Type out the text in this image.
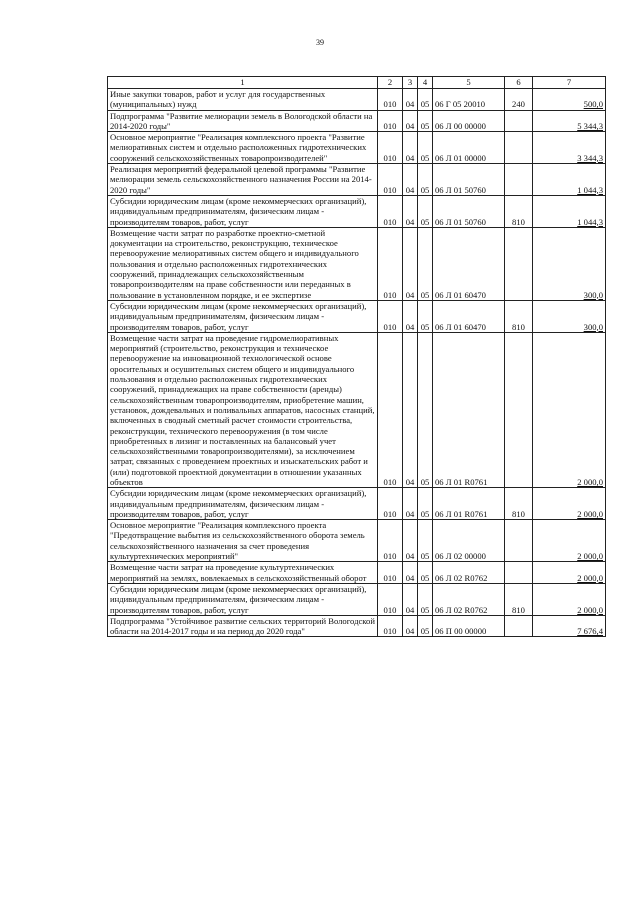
39
1	2	3	4	5	6	7
Иные закупки товаров, работ и услуг для государственных (муниципальных) нужд	010	04	05	06 Г 05 20010	240	500,0
Подпрограмма "Развитие мелиорации земель в Вологодской области на 2014-2020 годы"	010	04	05	06 Л 00 00000		5 344,3
Основное мероприятие "Реализация комплексного проекта "Развитие мелиоративных систем и отдельно расположенных гидротехнических сооружений сельскохозяйственных товаропроизводителей"	010	04	05	06 Л 01 00000		3 344,3
Реализация мероприятий федеральной целевой программы "Развитие мелиорации земель сельскохозяйственного назначения России на 2014-2020 годы"	010	04	05	06 Л 01 50760		1 044,3
Субсидии юридическим лицам (кроме некоммерческих организаций), индивидуальным предпринимателям, физическим лицам - производителям товаров, работ, услуг	010	04	05	06 Л 01 50760	810	1 044,3
Возмещение части затрат по разработке проектно-сметной документации на строительство, реконструкцию, техническое перевооружение мелиоративных систем общего и индивидуального пользования и отдельно расположенных гидротехнических сооружений, принадлежащих сельскохозяйственным товаропроизводителям на праве собственности или переданных в пользование в установленном порядке, и ее экспертизе	010	04	05	06 Л 01 60470		300,0
Субсидии юридическим лицам (кроме некоммерческих организаций), индивидуальным предпринимателям, физическим лицам - производителям товаров, работ, услуг	010	04	05	06 Л 01 60470	810	300,0
Возмещение части затрат на проведение гидромелиоративных мероприятий (строительство, реконструкция и техническое перевооружение на инновационной технологической основе оросительных и осушительных систем общего и индивидуального пользования и отдельно расположенных гидротехнических сооружений, принадлежащих на праве собственности (аренды) сельскохозяйственным товаропроизводителям, приобретение машин, установок, дождевальных и поливальных аппаратов, насосных станций, включенных в сводный сметный расчет стоимости строительства, реконструкции, технического перевооружения (в том числе приобретенных в лизинг и поставленных на балансовый учет сельскохозяйственными товаропроизводителями), за исключением затрат, связанных с проведением проектных и изыскательских работ и (или) подготовкой проектной документации в отношении указанных объектов	010	04	05	06 Л 01 R0761		2 000,0
Субсидии юридическим лицам (кроме некоммерческих организаций), индивидуальным предпринимателям, физическим лицам - производителям товаров, работ, услуг	010	04	05	06 Л 01 R0761	810	2 000,0
Основное мероприятие "Реализация комплексного проекта "Предотвращение выбытия из сельскохозяйственного оборота земель сельскохозяйственного назначения за счет проведения культуртехнических мероприятий"	010	04	05	06 Л 02 00000		2 000,0
Возмещение части затрат на проведение культуртехнических мероприятий на землях, вовлекаемых в сельскохозяйственный оборот	010	04	05	06 Л 02 R0762		2 000,0
Субсидии юридическим лицам (кроме некоммерческих организаций), индивидуальным предпринимателям, физическим лицам - производителям товаров, работ, услуг	010	04	05	06 Л 02 R0762	810	2 000,0
Подпрограмма "Устойчивое развитие сельских территорий Вологодской области на 2014-2017 годы и на период до 2020 года"	010	04	05	06 П 00 00000		7 676,4
